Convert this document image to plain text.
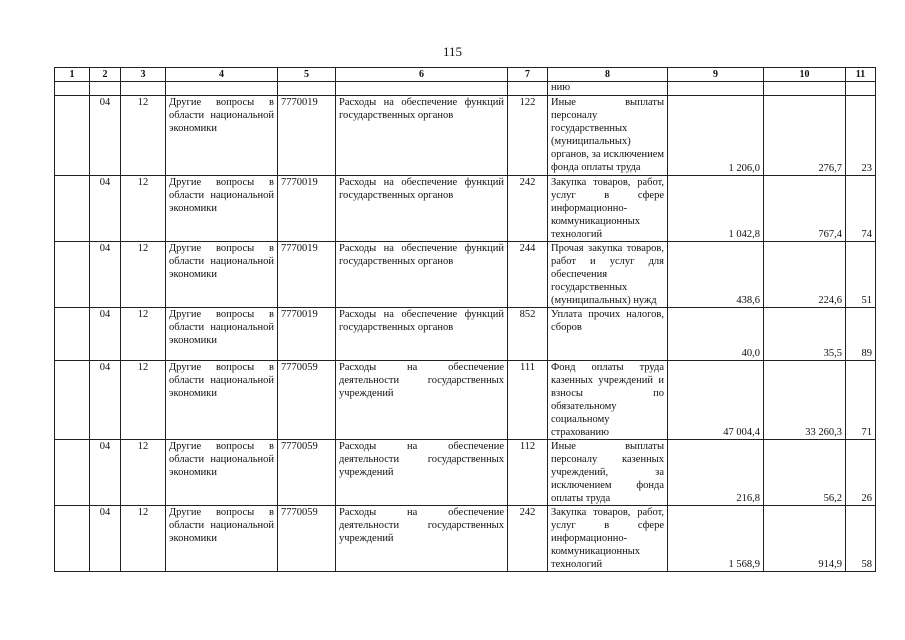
115
1	2	3	4	5	6	7	8	9	10	11
							нию			
	04	12	Другие вопросы в области национальной экономики	7770019	Расходы на обеспечение функций государственных органов	122	Иные выплаты персоналу государственных (муниципальных) органов, за исключением фонда оплаты труда	1 206,0	276,7	23
	04	12	Другие вопросы в области национальной экономики	7770019	Расходы на обеспечение функций государственных органов	242	Закупка товаров, работ, услуг в сфере информационно-коммуникационных технологий	1 042,8	767,4	74
	04	12	Другие вопросы в области национальной экономики	7770019	Расходы на обеспечение функций государственных органов	244	Прочая закупка товаров, работ и услуг для обеспечения государственных (муниципальных) нужд	438,6	224,6	51
	04	12	Другие вопросы в области национальной экономики	7770019	Расходы на обеспечение функций государственных органов	852	Уплата прочих налогов, сборов	40,0	35,5	89
	04	12	Другие вопросы в области национальной экономики	7770059	Расходы на обеспечение деятельности государственных учреждений	111	Фонд оплаты труда казенных учреждений и взносы по обязательному социальному страхованию	47 004,4	33 260,3	71
	04	12	Другие вопросы в области национальной экономики	7770059	Расходы на обеспечение деятельности государственных учреждений	112	Иные выплаты персоналу казенных учреждений, за исключением фонда оплаты труда	216,8	56,2	26
	04	12	Другие вопросы в области национальной экономики	7770059	Расходы на обеспечение деятельности государственных учреждений	242	Закупка товаров, работ, услуг в сфере информационно-коммуникационных технологий	1 568,9	914,9	58
